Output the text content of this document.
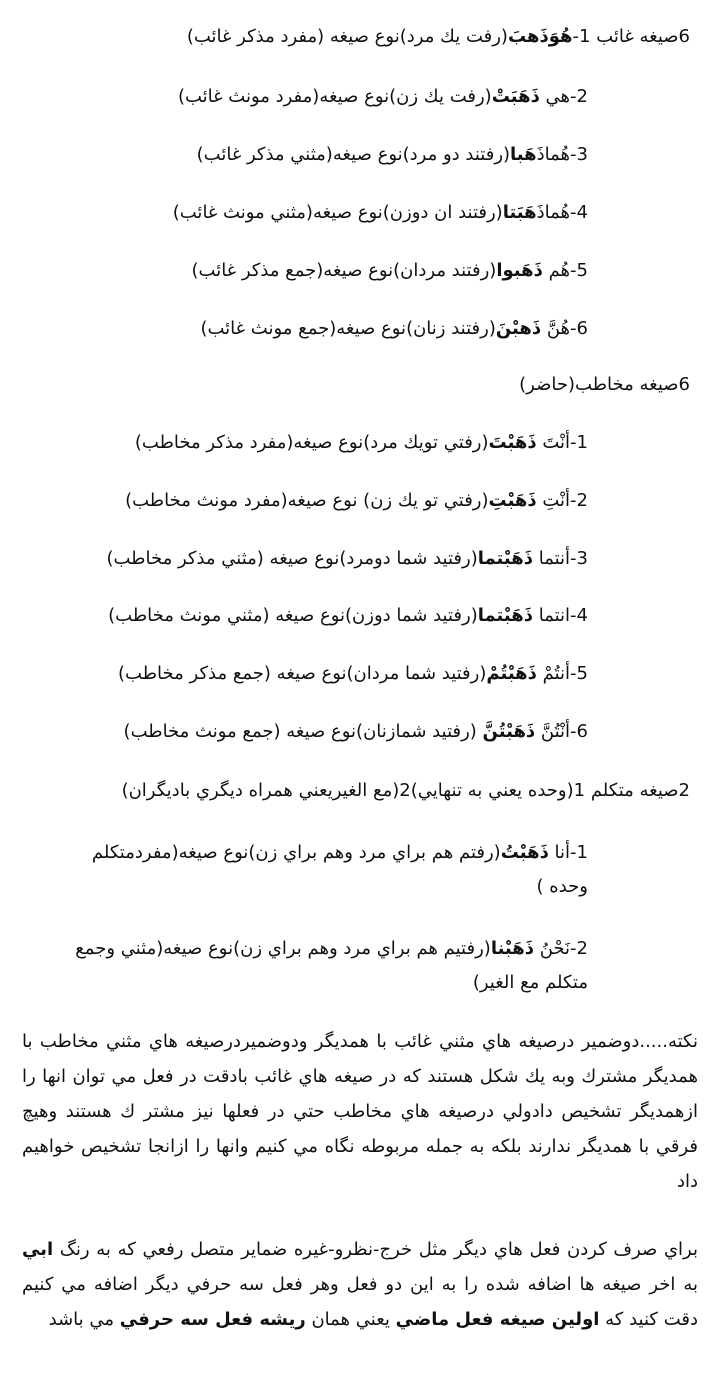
6صيغه غائب 1-هُوَذَهبَ(رفت يك مرد)نوع صيغه (مفرد مذكر غائب)
2-هي ذَهَبَتْ(رفت يك زن)نوع صيغه(مفرد مونث غائب)
3-هُماذَهَبا(رفتند دو مرد)نوع صيغه(مثني مذكر غائب)
4-هُماذَهَبَتا(رفتند ان دوزن)نوع صيغه(مثني مونث غائب)
5-هُم ذَهَبوا(رفتند مردان)نوع صيغه(جمع مذكر غائب)
6-هُنَّ ذَهبْنَ(رفتند زنان)نوع صيغه(جمع مونث غائب)
6صيغه مخاطب(حاضر)
1-أنْتَ ذَهَبْتَ(رفتي تويك مرد)نوع صيغه(مفرد مذكر مخاطب)
2-أنْتِ ذَهَبْتِ(رفتي تو يك زن) نوع صيغه(مفرد مونث مخاطب)
3-أنتما ذَهَبْتما(رفتيد شما دومرد)نوع صيغه (مثني مذكر مخاطب)
4-انتما ذَهَبْتما(رفتيد شما دوزن)نوع صيغه (مثني مونث مخاطب)
5-أنتُمْ ذَهَبْتُمْ(رفتيد شما مردان)نوع صيغه (جمع مذكر مخاطب)
6-أنْتُنَّ ذَهَبْتُنَّ (رفتيد شمازنان)نوع صيغه (جمع مونث مخاطب)
2صيغه متكلم 1(وحده يعني به تنهايي)2(مع الغيريعني همراه ديگري باديگران)
1-أنا ذَهَبْتُ(رفتم هم براي مرد وهم براي زن)نوع صيغه(مفردمتكلم وحده )
2-نَحْنُ ذَهَبْنا(رفتيم هم براي مرد وهم براي زن)نوع صيغه(مثني وجمع متكلم مع الغير)
نكته.....دوضمير درصيغه هاي مثني غائب با همديگر ودوضميردرصيغه هاي مثني مخاطب با همديگر مشترك وبه يك شكل هستند كه در صيغه هاي غائب بادقت در فعل مي توان انها را ازهمديگر تشخيص دادولي درصيغه هاي مخاطب حتي در فعلها نيز مشتر ك هستند وهيچ فرقي با همديگر ندارند بلكه به جمله مربوطه نگاه مي كنيم وانها را ازانجا تشخيص خواهيم داد
براي صرف كردن فعل هاي ديگر مثل خرج-نظرو-غيره ضماير متصل رفعي كه به رنگ ابي به اخر صيغه ها اضافه شده را به اين دو فعل وهر فعل سه حرفي ديگر اضافه مي كنيم دقت كنيد كه اولين صيغه فعل ماضي يعني همان ريشه فعل سه حرفي مي باشد
